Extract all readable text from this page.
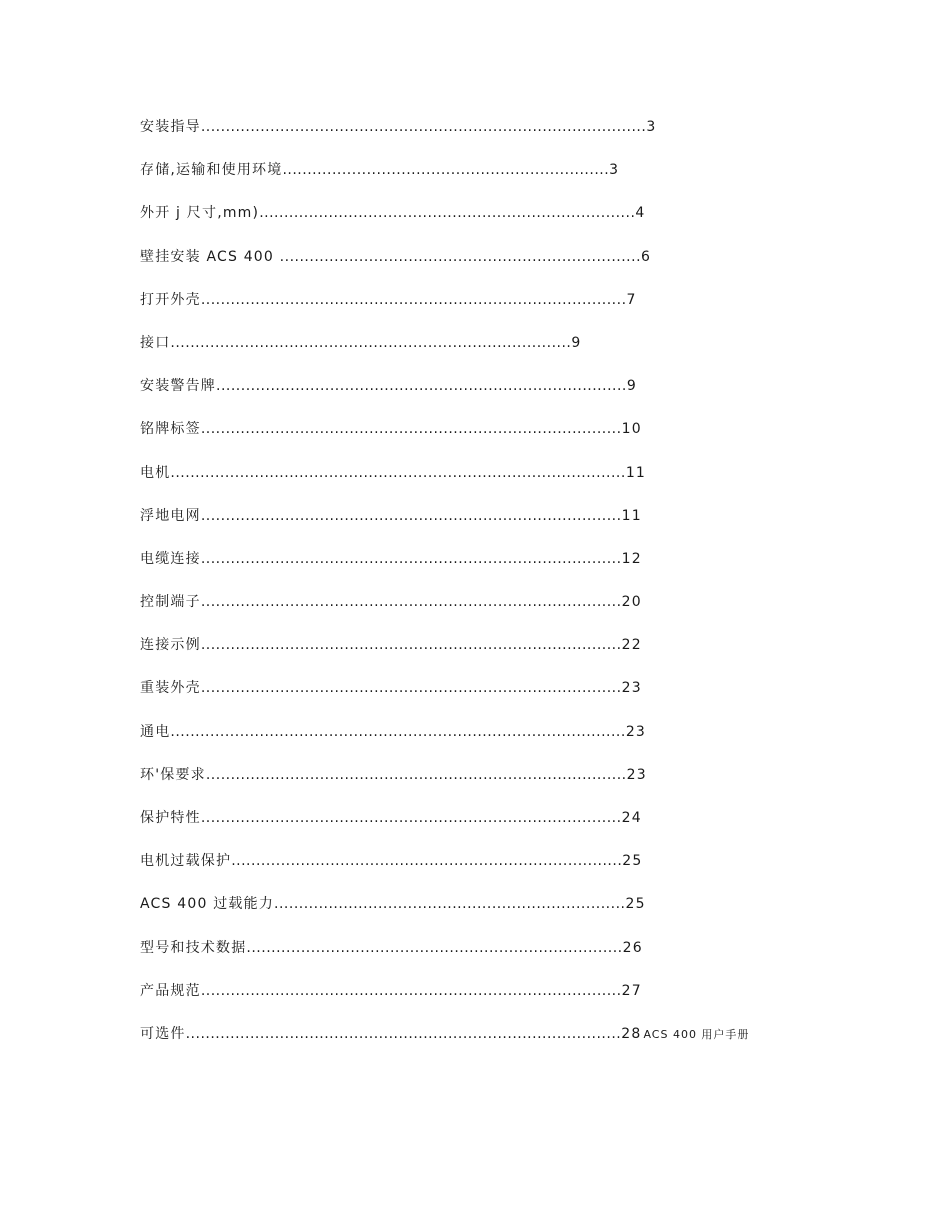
安装指导..........................................................................................3
存储,运输和使用环境..................................................................3
外开 j 尺寸,mm)............................................................................4
壁挂安装 ACS 400 .........................................................................6
打开外壳......................................................................................7
接口.................................................................................9
安装警告牌...................................................................................9
铭牌标签.....................................................................................10
电机............................................................................................11
浮地电网.....................................................................................11
电缆连接.....................................................................................12
控制端子.....................................................................................20
连接示例.....................................................................................22
重装外壳.....................................................................................23
通电............................................................................................23
环'保要求.....................................................................................23
保护特性.....................................................................................24
电机过载保护...............................................................................25
ACS 400 过载能力.......................................................................25
型号和技术数据............................................................................26
产品规范.....................................................................................27
可选件........................................................................................28 ACS 400 用户手册
